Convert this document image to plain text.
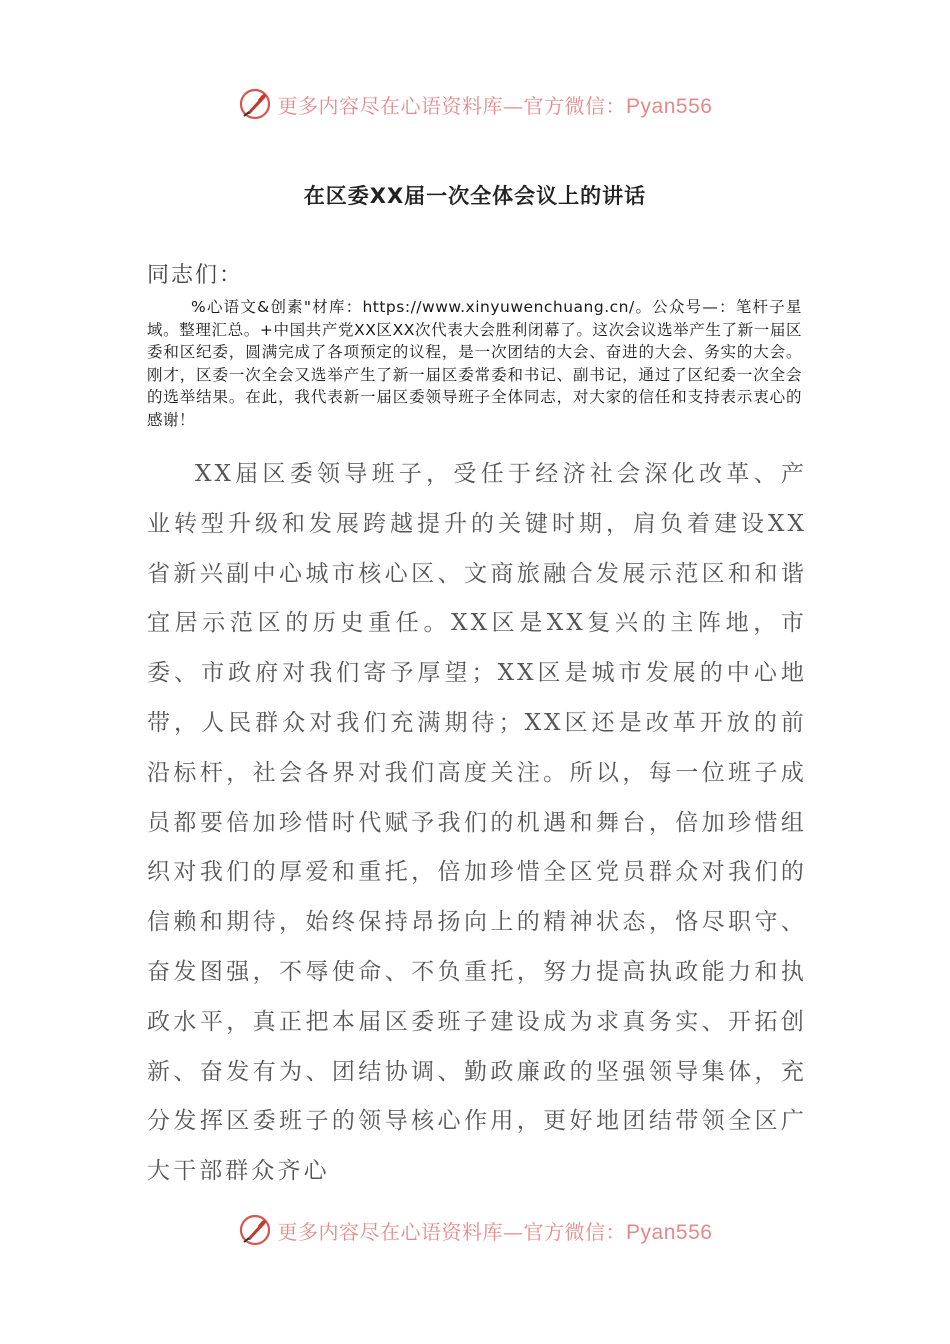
更多内容尽在心语资料库—官方微信：Pyan556
在区委XX届一次全体会议上的讲话
同志们：

%心语文&创素"材库：https://www.xinyuwenchuang.cn/。公众号—：笔杆子星域。整理汇总。+中国共产党XX区XX次代表大会胜利闭幕了。这次会议选举产生了新一届区委和区纪委，圆满完成了各项预定的议程，是一次团结的大会、奋进的大会、务实的大会。刚才，区委一次全会又选举产生了新一届区委常委和书记、副书记，通过了区纪委一次全会的选举结果。在此，我代表新一届区委领导班子全体同志，对大家的信任和支持表示衷心的感谢！

XX届区委领导班子，受任于经济社会深化改革、产业转型升级和发展跨越提升的关键时期，肩负着建设XX省新兴副中心城市核心区、文商旅融合发展示范区和和谐宜居示范区的历史重任。XX区是XX复兴的主阵地，市委、市政府对我们寄予厚望；XX区是城市发展的中心地带，人民群众对我们充满期待；XX区还是改革开放的前沿标杆，社会各界对我们高度关注。所以，每一位班子成员都要倍加珍惜时代赋予我们的机遇和舞台，倍加珍惜组织对我们的厚爱和重托，倍加珍惜全区党员群众对我们的信赖和期待，始终保持昂扬向上的精神状态，恪尽职守、奋发图强，不辱使命、不负重托，努力提高执政能力和执政水平，真正把本届区委班子建设成为求真务实、开拓创新、奋发有为、团结协调、勤政廉政的坚强领导集体，充分发挥区委班子的领导核心作用，更好地团结带领全区广大干部群众齐心

更多内容尽在心语资料库—官方微信：Pyan556
